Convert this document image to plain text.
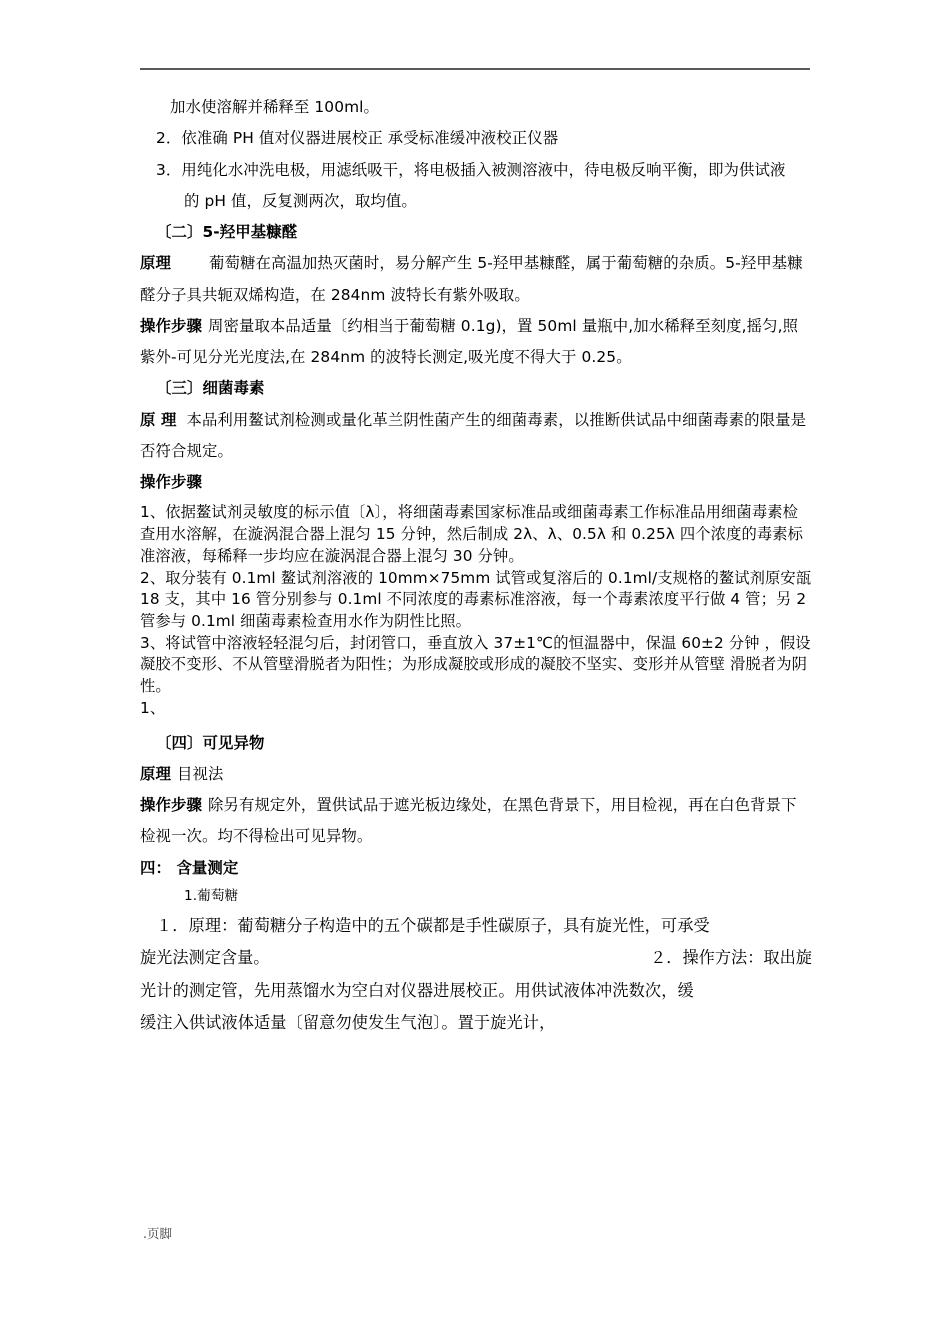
加水使溶解并稀释至 100ml。

2．依准确 PH 值对仪器进展校正 承受标准缓冲液校正仪器

3．用纯化水冲洗电极，用滤纸吸干，将电极插入被测溶液中，待电极反响平衡，即为供试液

的 pH 值，反复测两次，取均值。

〔二〕5-羟甲基糠醛

原理 葡萄糖在高温加热灭菌时，易分解产生 5-羟甲基糠醛，属于葡萄糖的杂质。5-羟甲基糠醛分子具共轭双烯构造，在 284nm 波特长有紫外吸取。

操作步骤 周密量取本品适量〔约相当于葡萄糖 0.1g)，置 50ml 量瓶中,加水稀释至刻度,摇匀,照紫外-可见分光光度法,在 284nm 的波特长测定,吸光度不得大于 0.25。

〔三〕细菌毒素

原 理 本品利用鳌试剂检测或量化革兰阴性菌产生的细菌毒素，以推断供试品中细菌毒素的限量是否符合规定。

操作步骤

1、依据鳌试剂灵敏度的标示值〔λ〕，将细菌毒素国家标准品或细菌毒素工作标准品用细菌毒素检查用水溶解，在漩涡混合器上混匀 15 分钟，然后制成 2λ、λ、0.5λ 和 0.25λ 四个浓度的毒素标准溶液，每稀释一步均应在漩涡混合器上混匀 30 分钟。

2、取分装有 0.1ml 鳌试剂溶液的 10mm×75mm 试管或复溶后的 0.1ml/支规格的鳌试剂原安瓿 18 支，其中 16 管分别参与 0.1ml 不同浓度的毒素标准溶液，每一个毒素浓度平行做 4 管；另 2 管参与 0.1ml 细菌毒素检查用水作为阴性比照。

3、将试管中溶液轻轻混匀后，封闭管口，垂直放入 37±1℃的恒温器中，保温 60±2 分钟 ，假设凝胶不变形、不从管壁滑脱者为阳性；为形成凝胶或形成的凝胶不坚实、变形并从管壁 滑脱者为阴性。

1、

〔四〕可见异物

原理 目视法

操作步骤 除另有规定外，置供试品于遮光板边缘处，在黑色背景下，用目检视，再在白色背景下检视一次。均不得检出可见异物。

四： 含量测定

1.葡萄糖

１．原理：葡萄糖分子构造中的五个碳都是手性碳原子，具有旋光性，可承受

旋光法测定含量。	２．操作方法：取出旋

光计的测定管，先用蒸馏水为空白对仪器进展校正。用供试液体冲洗数次，缓

缓注入供试液体适量〔留意勿使发生气泡〕。置于旋光计，

.页脚
